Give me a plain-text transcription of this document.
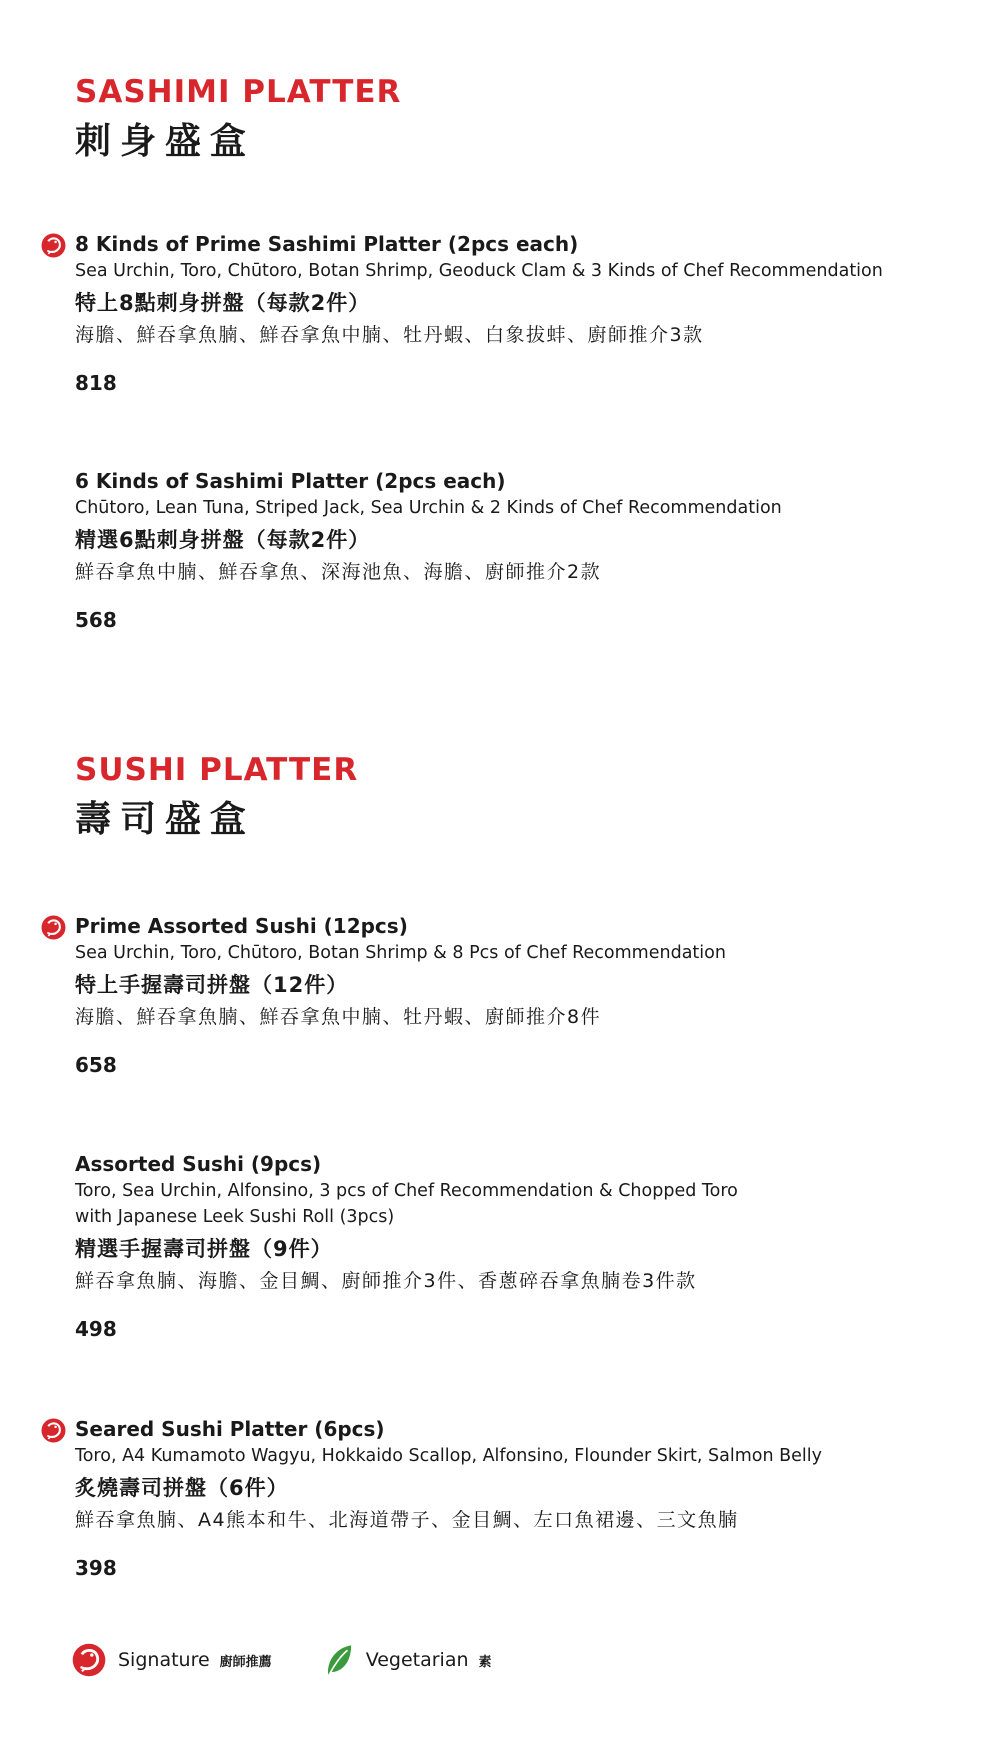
SASHIMI PLATTER
刺身盛盒
8 Kinds of Prime Sashimi Platter (2pcs each)
Sea Urchin, Toro, Chūtoro, Botan Shrimp, Geoduck Clam & 3 Kinds of Chef Recommendation
特上8點刺身拼盤（每款2件）
海膽、鮮吞拿魚腩、鮮吞拿魚中腩、牡丹蝦、白象拔蚌、廚師推介3款
818
6 Kinds of Sashimi Platter (2pcs each)
Chūtoro, Lean Tuna, Striped Jack, Sea Urchin & 2 Kinds of Chef Recommendation
精選6點刺身拼盤（每款2件）
鮮吞拿魚中腩、鮮吞拿魚、深海池魚、海膽、廚師推介2款
568
SUSHI PLATTER
壽司盛盒
Prime Assorted Sushi (12pcs)
Sea Urchin, Toro, Chūtoro, Botan Shrimp & 8 Pcs of Chef Recommendation
特上手握壽司拼盤（12件）
海膽、鮮吞拿魚腩、鮮吞拿魚中腩、牡丹蝦、廚師推介8件
658
Assorted Sushi (9pcs)
Toro, Sea Urchin, Alfonsino, 3 pcs of Chef Recommendation & Chopped Toro
with Japanese Leek Sushi Roll (3pcs)
精選手握壽司拼盤（9件）
鮮吞拿魚腩、海膽、金目鯛、廚師推介3件、香蔥碎吞拿魚腩卷3件款
498
Seared Sushi Platter (6pcs)
Toro, A4 Kumamoto Wagyu, Hokkaido Scallop, Alfonsino, Flounder Skirt, Salmon Belly
炙燒壽司拼盤（6件）
鮮吞拿魚腩、A4熊本和牛、北海道帶子、金目鯛、左口魚裙邊、三文魚腩
398
Signature 廚師推薦	Vegetarian 素
